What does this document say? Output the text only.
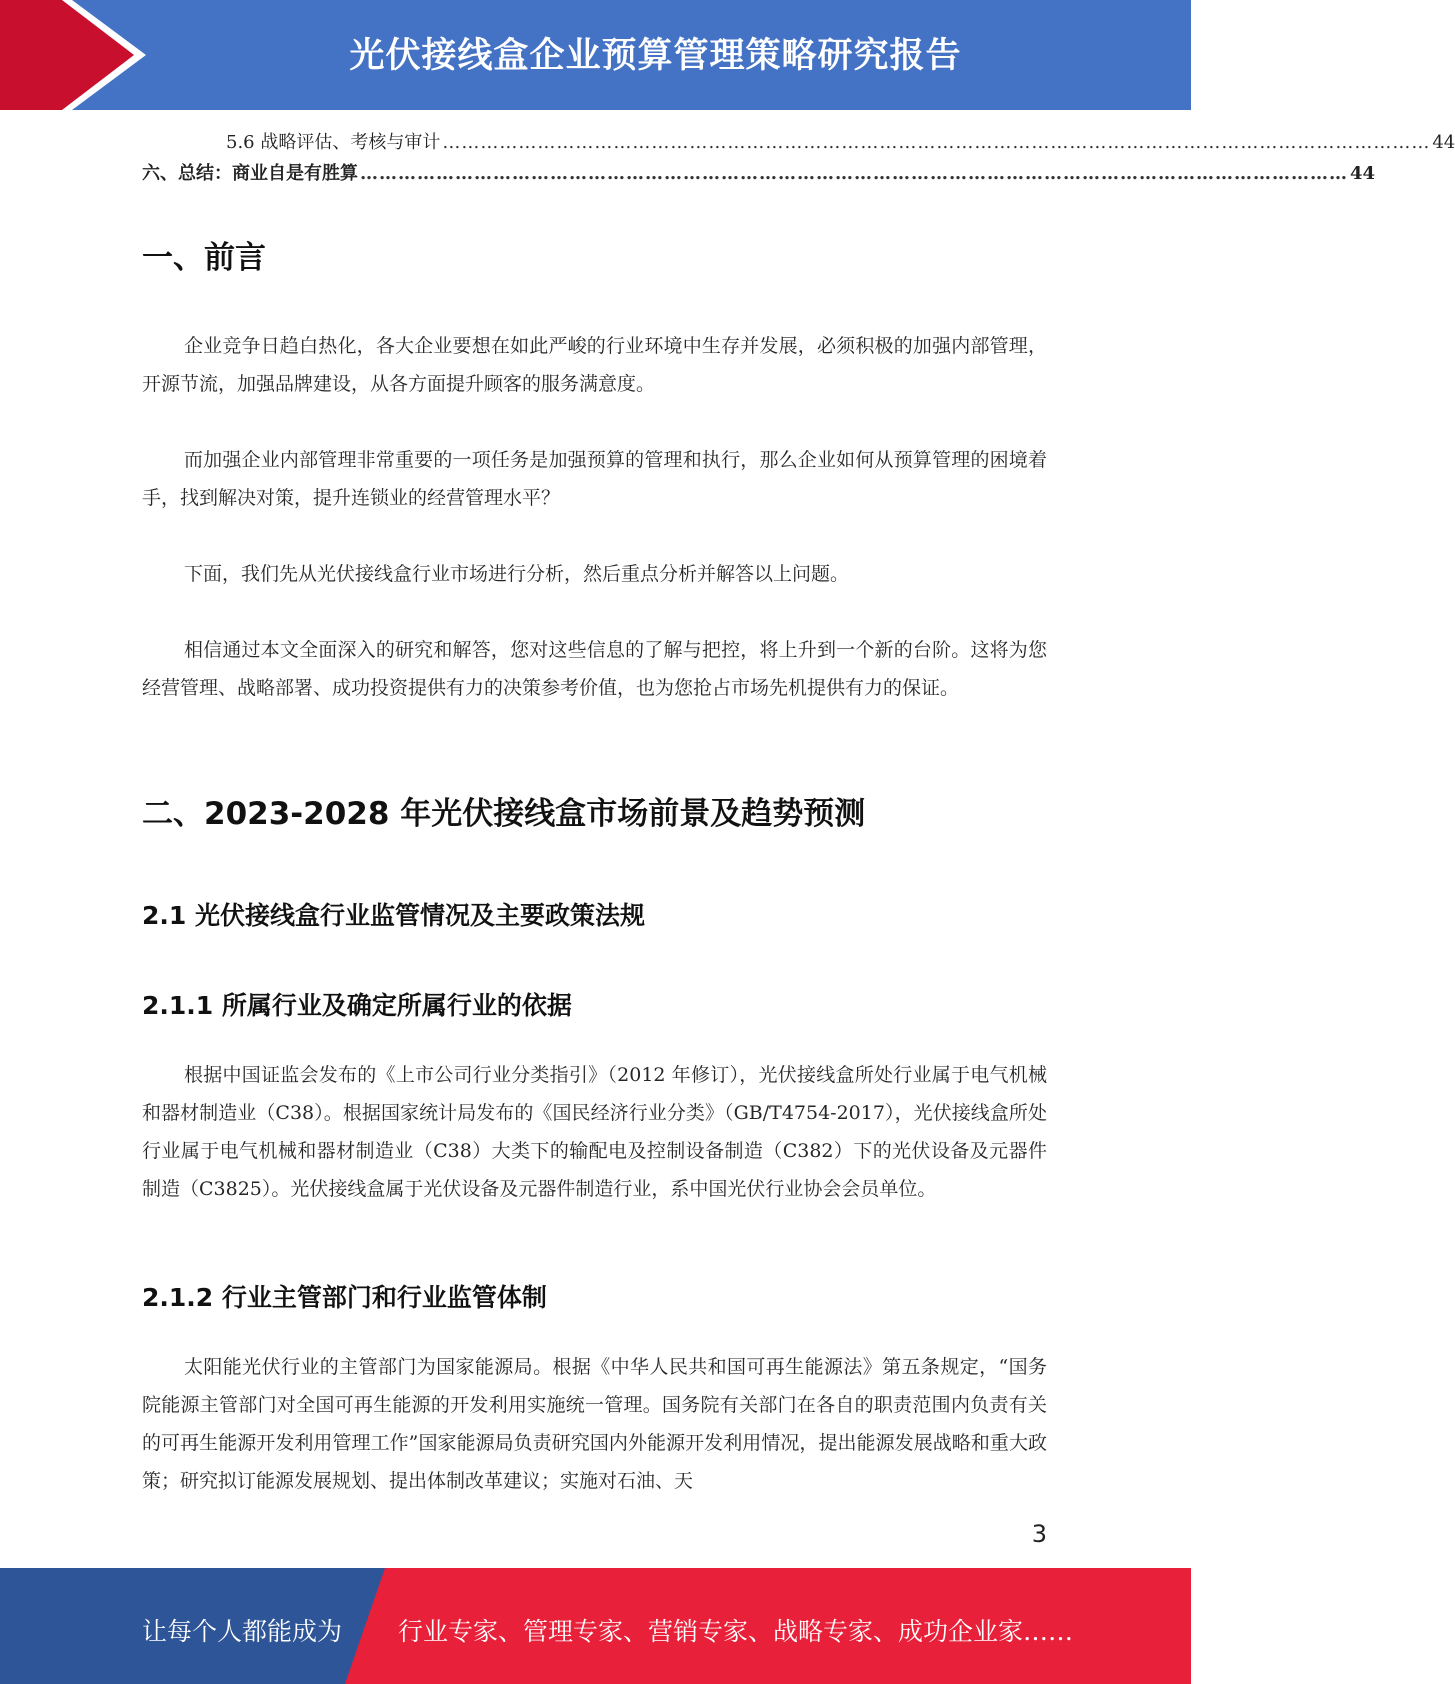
光伏接线盒企业预算管理策略研究报告
5.6 战略评估、考核与审计 ………………………………………………………………………………………………………………………………………… 44
六、总结：商业自是有胜算 ………………………………………………………………………………………………………………………………………… 44
一、前言

企业竞争日趋白热化，各大企业要想在如此严峻的行业环境中生存并发展，必须积极的加强内部管理，开源节流，加强品牌建设，从各方面提升顾客的服务满意度。

而加强企业内部管理非常重要的一项任务是加强预算的管理和执行，那么企业如何从预算管理的困境着手，找到解决对策，提升连锁业的经营管理水平？

下面，我们先从光伏接线盒行业市场进行分析，然后重点分析并解答以上问题。

相信通过本文全面深入的研究和解答，您对这些信息的了解与把控，将上升到一个新的台阶。这将为您经营管理、战略部署、成功投资提供有力的决策参考价值，也为您抢占市场先机提供有力的保证。

二、2023-2028 年光伏接线盒市场前景及趋势预测
2.1 光伏接线盒行业监管情况及主要政策法规
2.1.1 所属行业及确定所属行业的依据

根据中国证监会发布的《上市公司行业分类指引》（2012 年修订），光伏接线盒所处行业属于电气机械和器材制造业（C38）。根据国家统计局发布的《国民经济行业分类》（GB/T4754-2017），光伏接线盒所处行业属于电气机械和器材制造业（C38）大类下的输配电及控制设备制造（C382）下的光伏设备及元器件制造（C3825）。光伏接线盒属于光伏设备及元器件制造行业，系中国光伏行业协会会员单位。

2.1.2 行业主管部门和行业监管体制

太阳能光伏行业的主管部门为国家能源局。根据《中华人民共和国可再生能源法》第五条规定，“国务院能源主管部门对全国可再生能源的开发利用实施统一管理。国务院有关部门在各自的职责范围内负责有关的可再生能源开发利用管理工作”国家能源局负责研究国内外能源开发利用情况，提出能源发展战略和重大政策；研究拟订能源发展规划、提出体制改革建议；实施对石油、天

3
让每个人都能成为 行业专家、管理专家、营销专家、战略专家、成功企业家……
